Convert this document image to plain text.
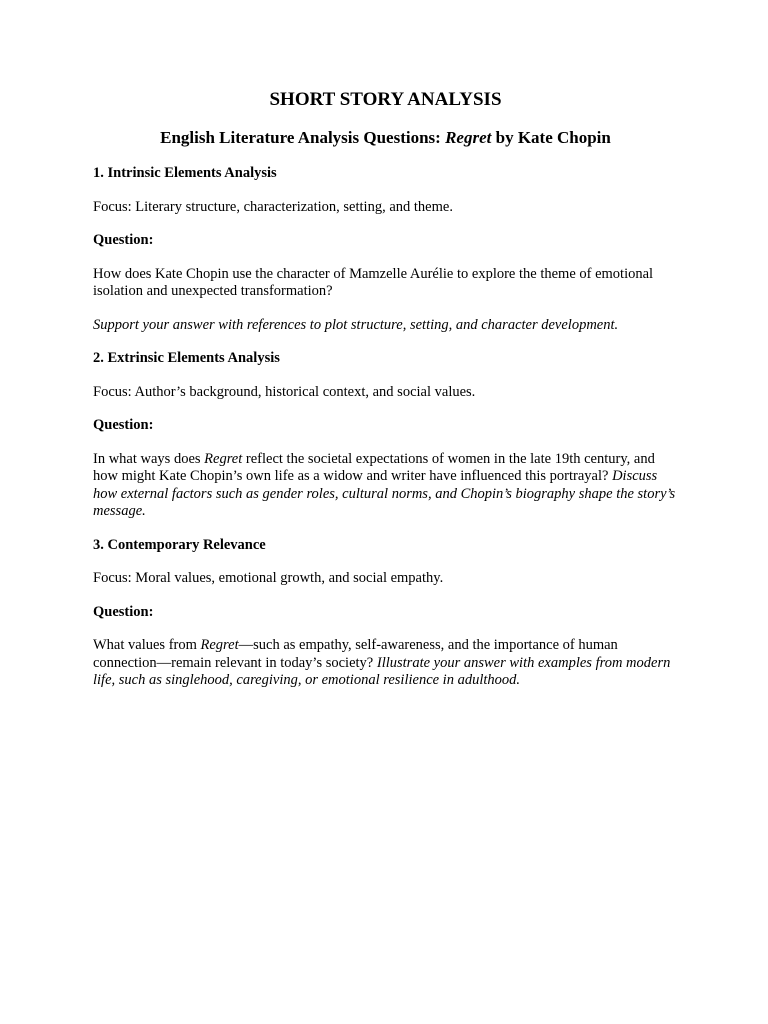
SHORT STORY ANALYSIS
English Literature Analysis Questions: Regret by Kate Chopin
1. Intrinsic Elements Analysis

Focus: Literary structure, characterization, setting, and theme.

Question:

How does Kate Chopin use the character of Mamzelle Aurélie to explore the theme of emotional isolation and unexpected transformation?

Support your answer with references to plot structure, setting, and character development.

2. Extrinsic Elements Analysis

Focus: Author’s background, historical context, and social values.

Question:

In what ways does Regret reflect the societal expectations of women in the late 19th century, and how might Kate Chopin’s own life as a widow and writer have influenced this portrayal? Discuss how external factors such as gender roles, cultural norms, and Chopin’s biography shape the story’s message.

3. Contemporary Relevance

Focus: Moral values, emotional growth, and social empathy.

Question:

What values from Regret—such as empathy, self-awareness, and the importance of human connection—remain relevant in today’s society? Illustrate your answer with examples from modern life, such as singlehood, caregiving, or emotional resilience in adulthood.
